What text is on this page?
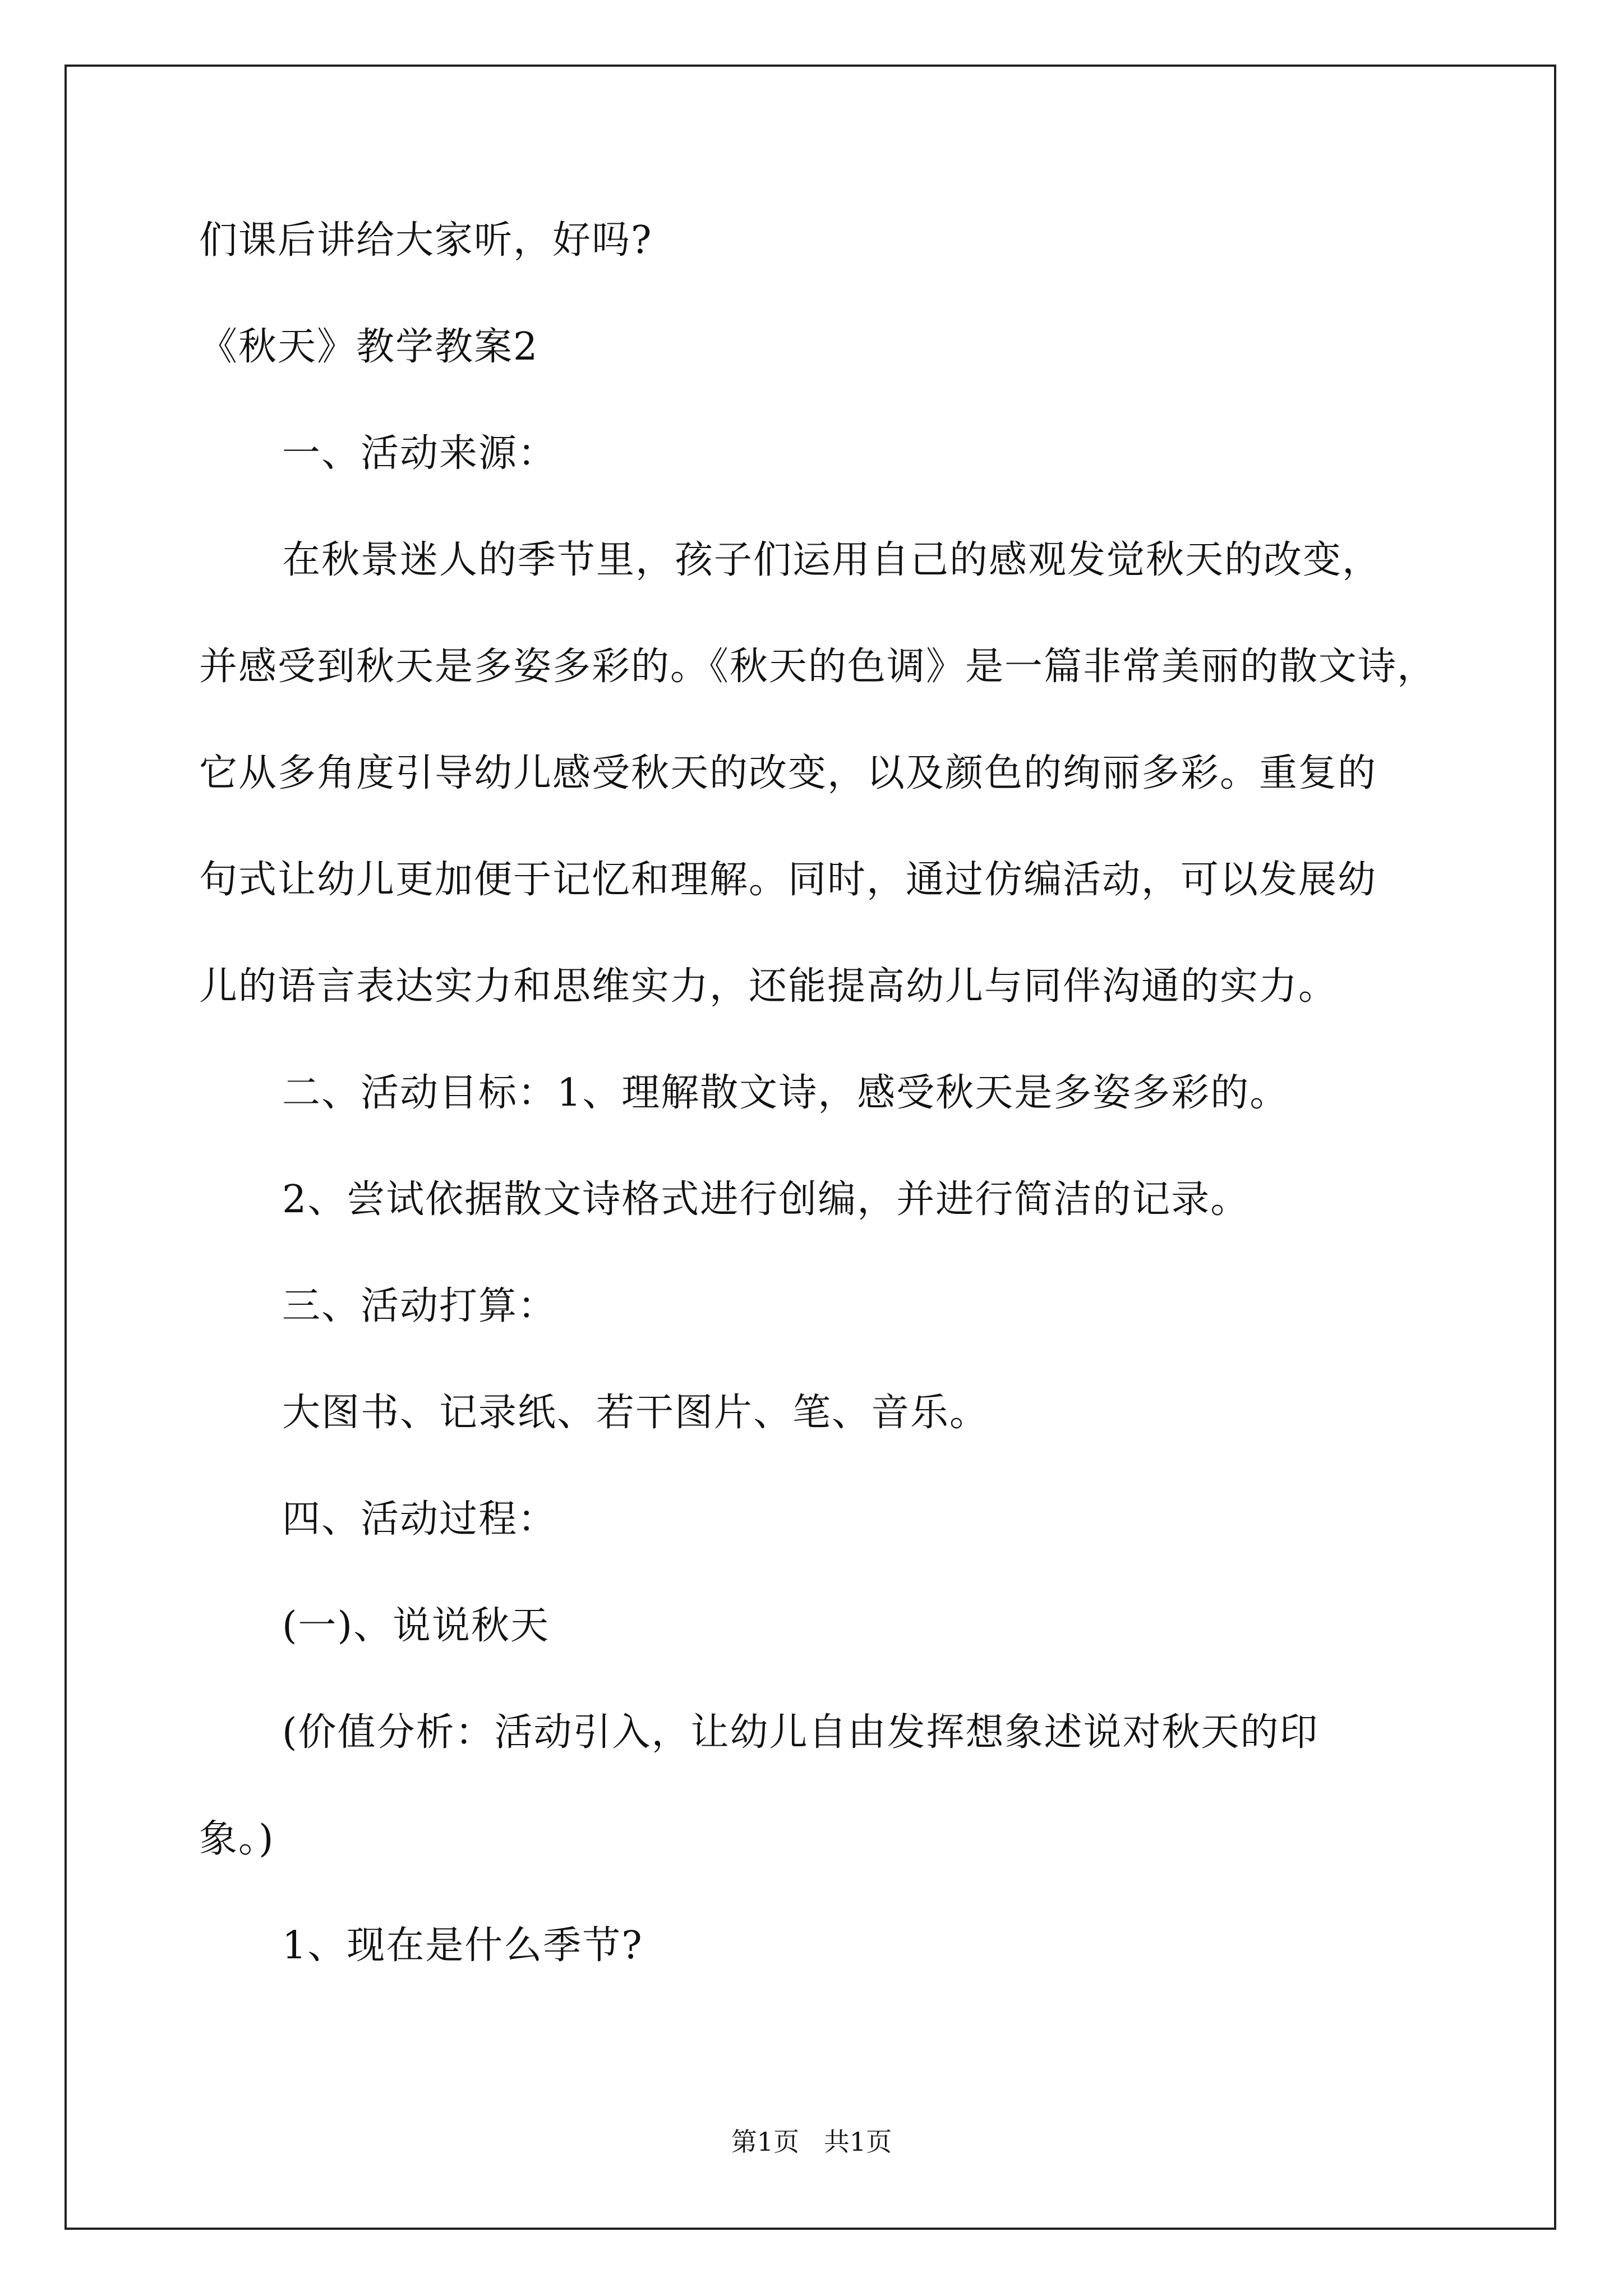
们课后讲给大家听，好吗?
《秋天》教学教案2
一、活动来源：
在秋景迷人的季节里，孩子们运用自己的感观发觉秋天的改变，
并感受到秋天是多姿多彩的。《秋天的色调》是一篇非常美丽的散文诗，
它从多角度引导幼儿感受秋天的改变，以及颜色的绚丽多彩。重复的
句式让幼儿更加便于记忆和理解。同时，通过仿编活动，可以发展幼
儿的语言表达实力和思维实力，还能提高幼儿与同伴沟通的实力。
二、活动目标：1、理解散文诗，感受秋天是多姿多彩的。
2、尝试依据散文诗格式进行创编，并进行简洁的记录。
三、活动打算：
大图书、记录纸、若干图片、笔、音乐。
四、活动过程：
(一)、说说秋天
(价值分析：活动引入，让幼儿自由发挥想象述说对秋天的印
象。)
1、现在是什么季节?
第1页   共1页
